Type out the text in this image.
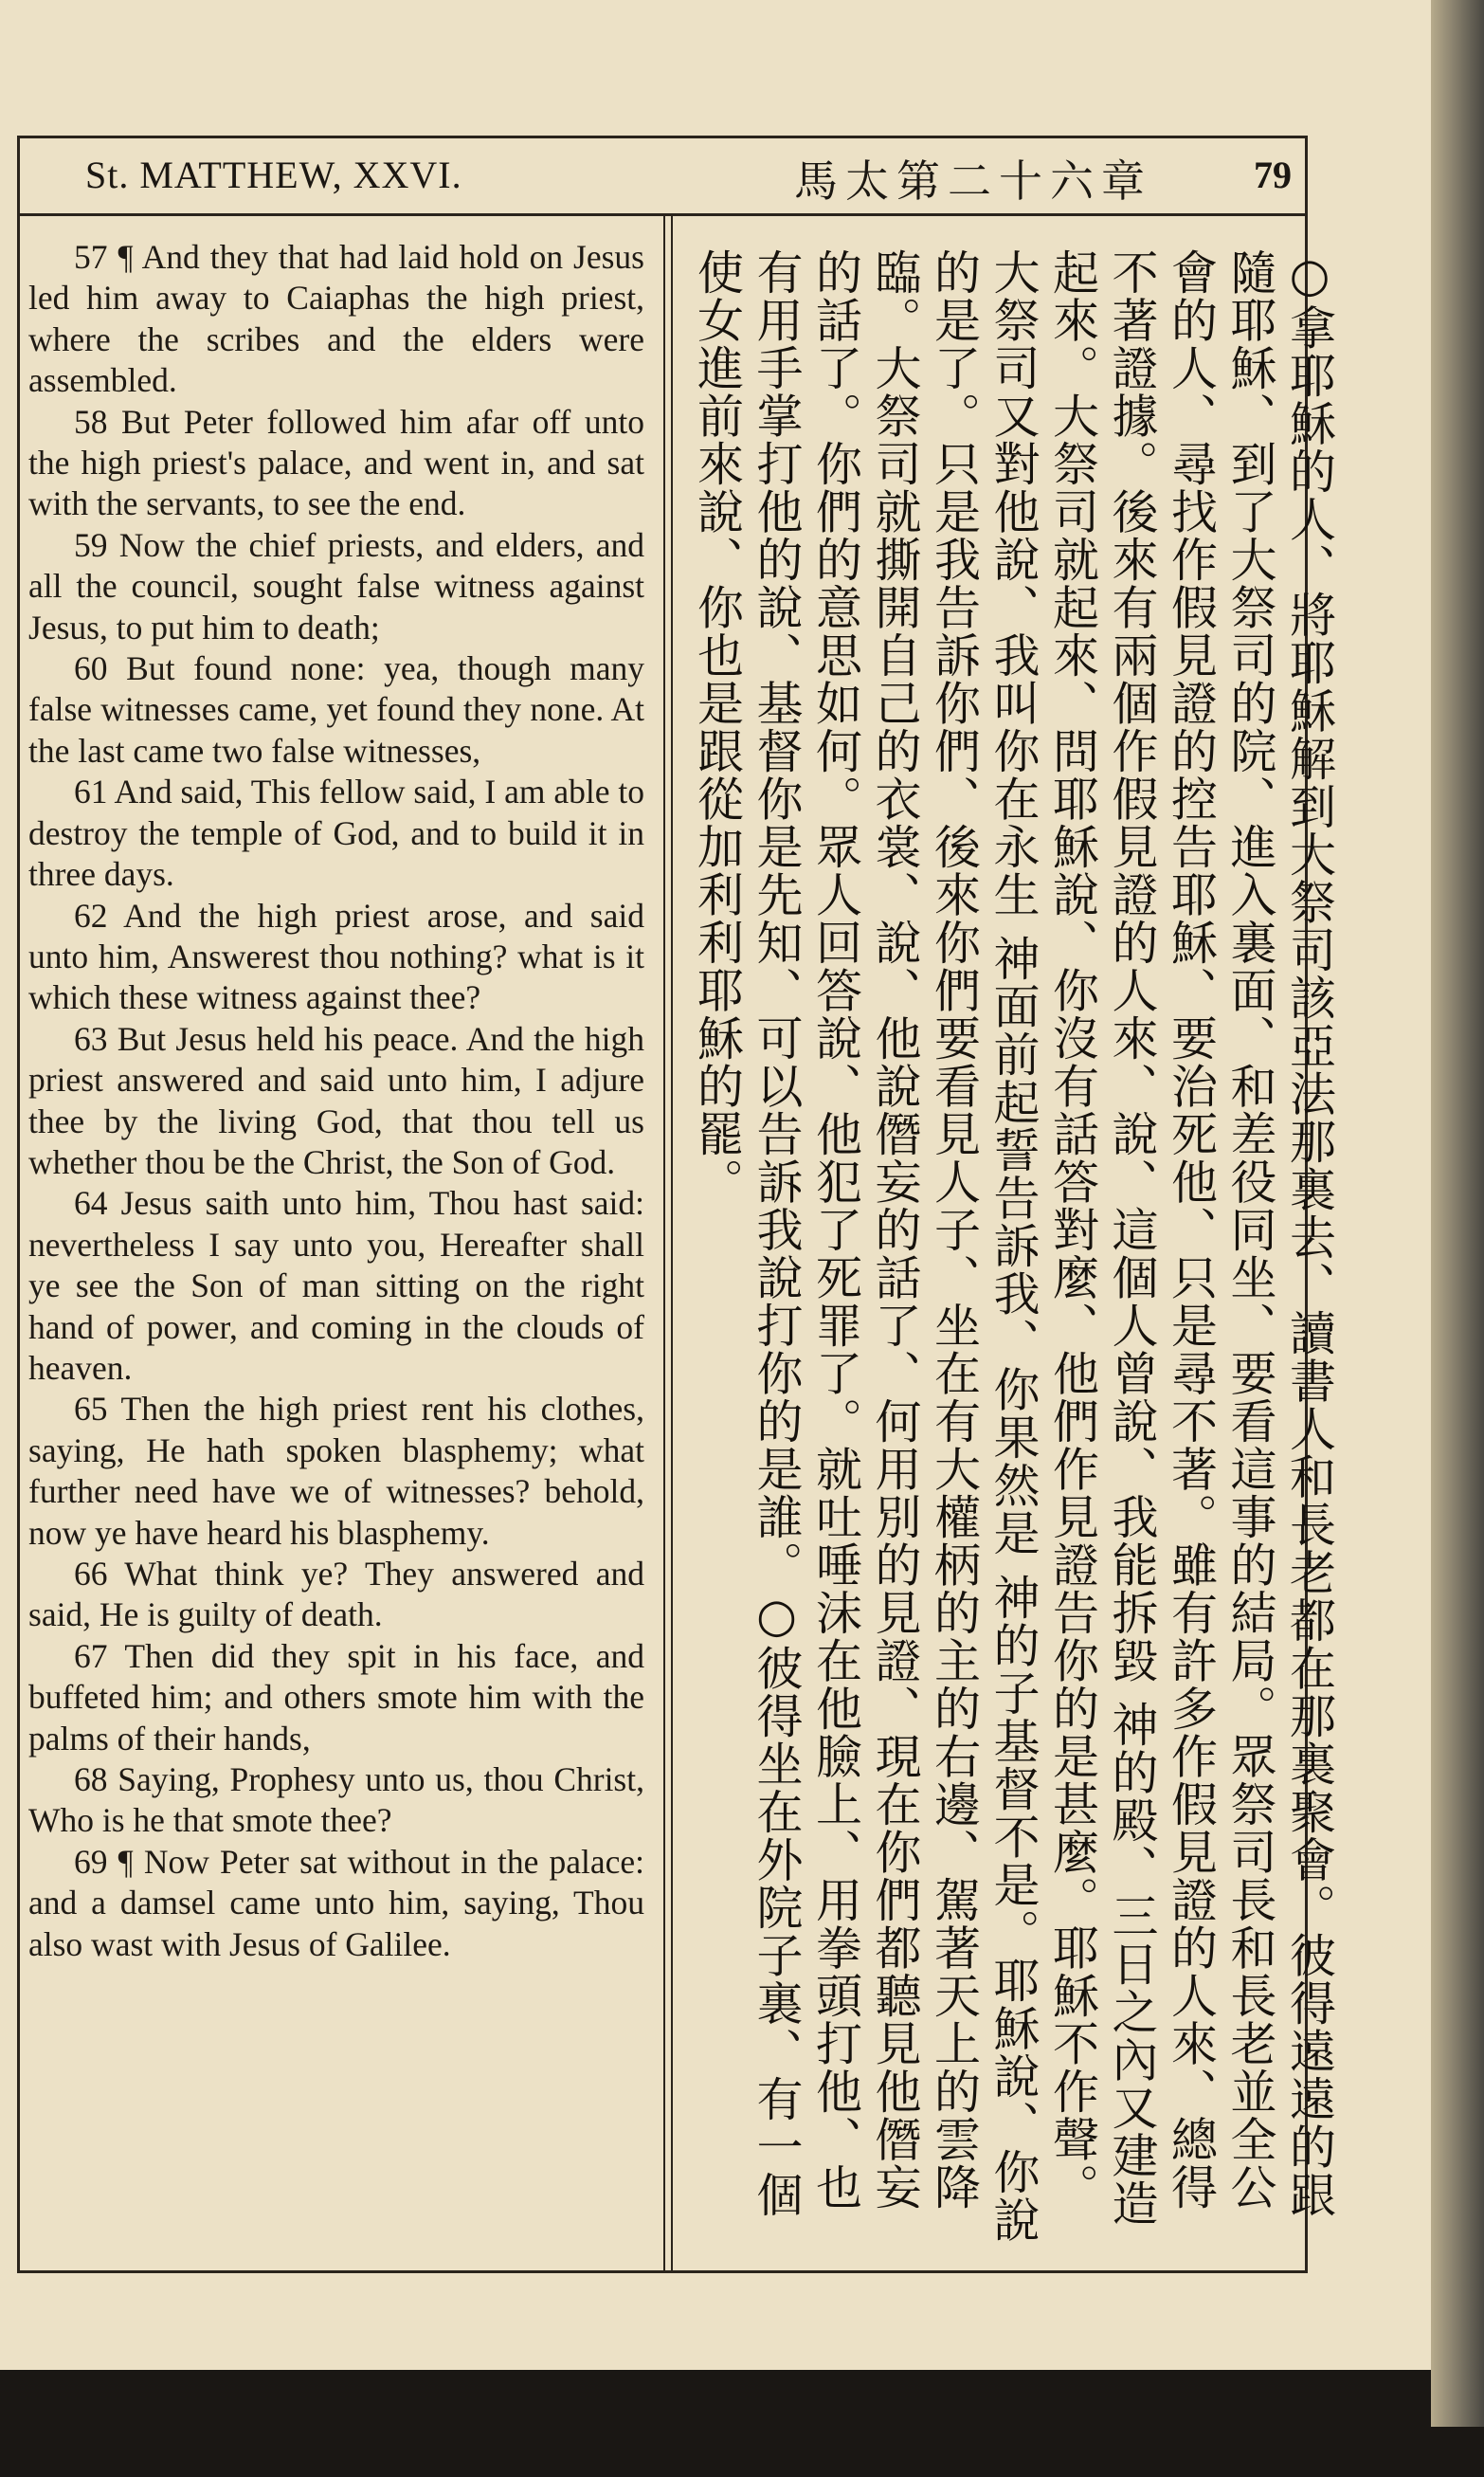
St. MATTHEW, XXVI.	馬太第二十六章	79

57 ¶ And they that had laid hold on Jesus led him away to Caiaphas the high priest, where the scribes and the elders were assembled.

58 But Peter followed him afar off unto the high priest's palace, and went in, and sat with the servants, to see the end.

59 Now the chief priests, and elders, and all the council, sought false witness against Jesus, to put him to death;

60 But found none: yea, though many false witnesses came, yet found they none. At the last came two false witnesses,

61 And said, This fellow said, I am able to destroy the temple of God, and to build it in three days.

62 And the high priest arose, and said unto him, Answerest thou nothing? what is it which these witness against thee?

63 But Jesus held his peace. And the high priest answered and said unto him, I adjure thee by the living God, that thou tell us whether thou be the Christ, the Son of God.

64 Jesus saith unto him, Thou hast said: nevertheless I say unto you, Hereafter shall ye see the Son of man sitting on the right hand of power, and coming in the clouds of heaven.

65 Then the high priest rent his clothes, saying, He hath spoken blasphemy; what further need have we of witnesses? behold, now ye have heard his blasphemy.

66 What think ye? They answered and said, He is guilty of death.

67 Then did they spit in his face, and buffeted him; and others smote him with the palms of their hands,

68 Saying, Prophesy unto us, thou Christ, Who is he that smote thee?

69 ¶ Now Peter sat without in the palace: and a damsel came unto him, saying, Thou also wast with Jesus of Galilee.	○拿耶穌的人、將耶穌解到大祭司該亞法那裏去、讀書人和長老都在那裏聚會。彼得遠遠的跟隨耶穌、到了大祭司的院、進入裏面、和差役同坐、要看這事的結局。眾祭司長和長老並全公會的人、尋找作假見證的控告耶穌、要治死他、只是尋不著。雖有許多作假見證的人來、總得不著證據。後來有兩個作假見證的人來、說、這個人曾說、我能拆毀 神的殿、三日之內又建造起來。大祭司就起來、問耶穌說、你沒有話答對麼、他們作見證告你的是甚麼。耶穌不作聲。大祭司又對他說、我叫你在永生 神面前起誓告訴我、你果然是 神的子基督不是。耶穌說、你說的是了。只是我告訴你們、後來你們要看見人子、坐在有大權柄的主的右邊、駕著天上的雲降臨。大祭司就撕開自己的衣裳、說、他說僭妄的話了、何用別的見證、現在你們都聽見他僭妄的話了。你們的意思如何。眾人回答說、他犯了死罪了。就吐唾沫在他臉上、用拳頭打他、也有用手掌打他的說、基督你是先知、可以告訴我說打你的是誰。○彼得坐在外院子裏、有一個使女進前來說、你也是跟從加利利耶穌的罷。
